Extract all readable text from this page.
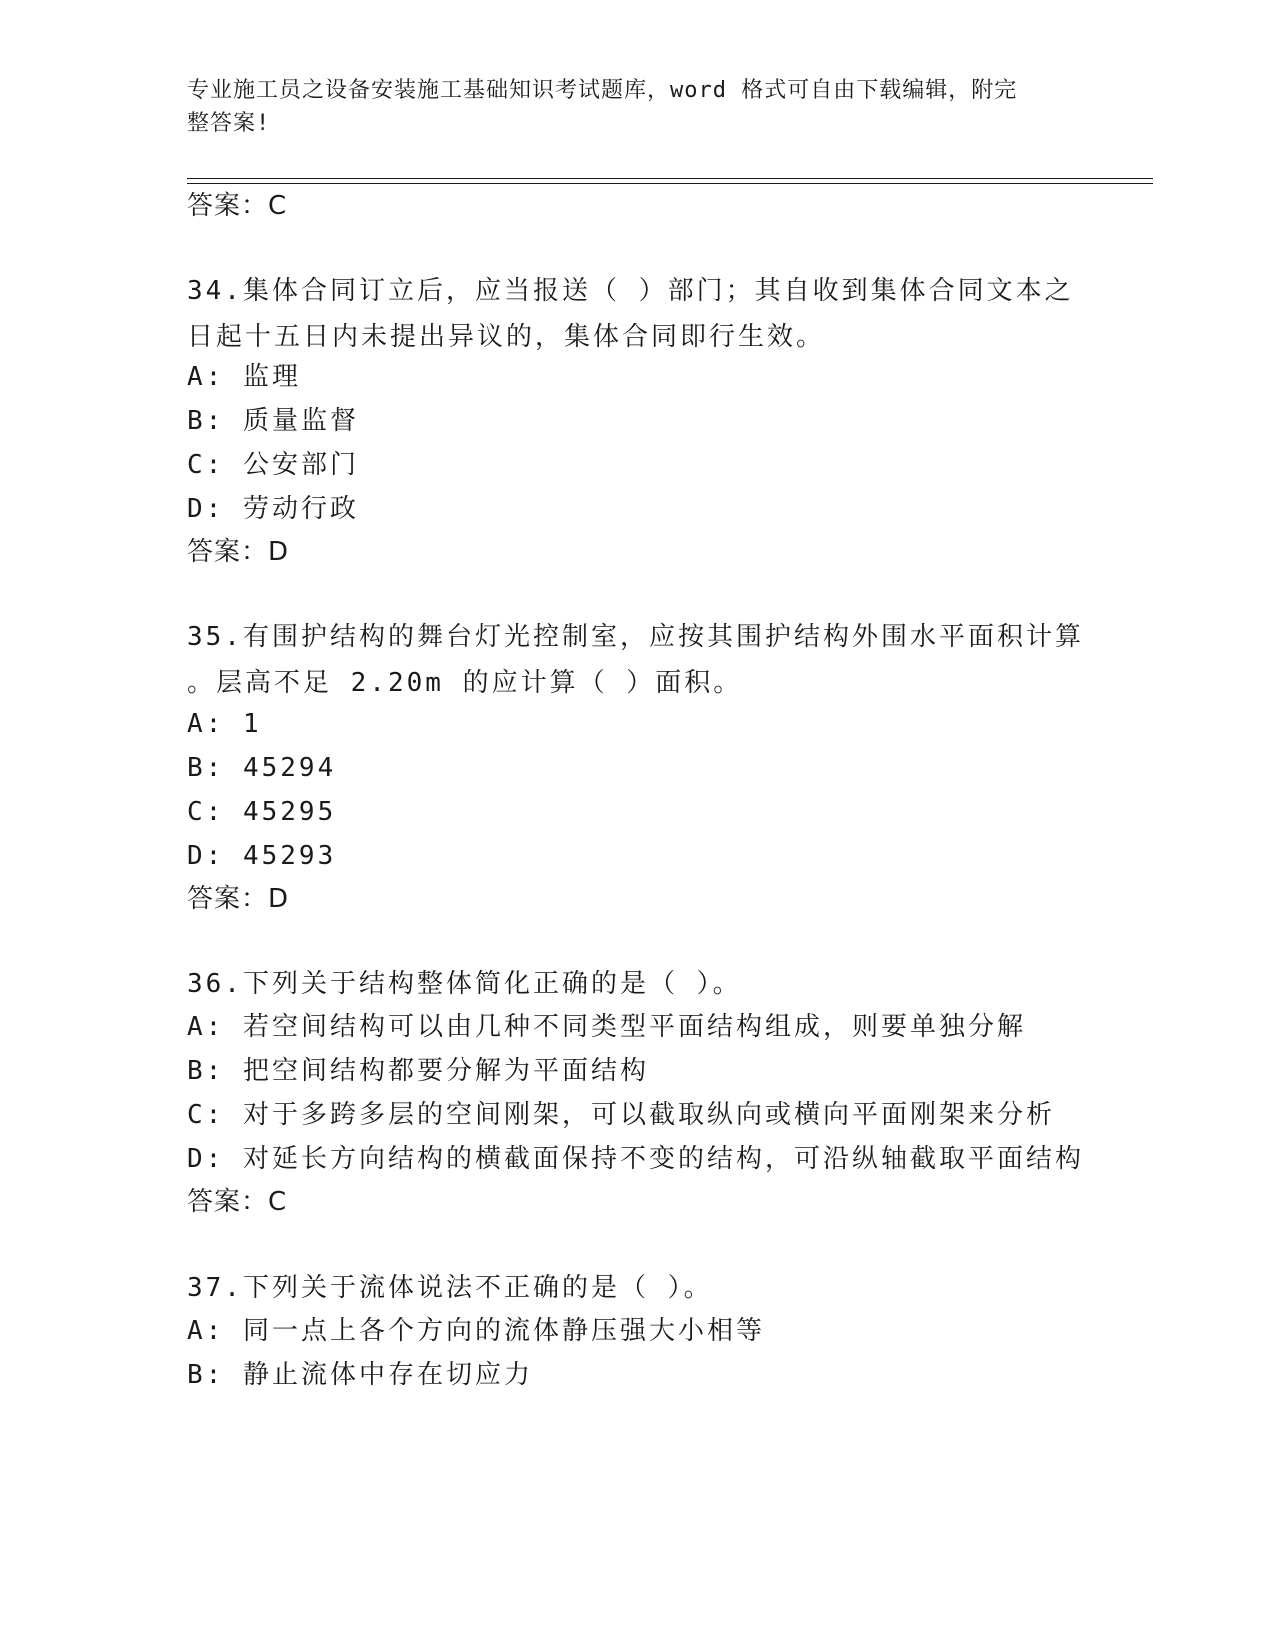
专业施工员之设备安装施工基础知识考试题库，word 格式可自由下载编辑，附完
整答案!
答案：C
34.集体合同订立后，应当报送（ ）部门；其自收到集体合同文本之
日起十五日内未提出异议的，集体合同即行生效。
A: 监理
B: 质量监督
C: 公安部门
D: 劳动行政
答案：D
35.有围护结构的舞台灯光控制室，应按其围护结构外围水平面积计算
。层高不足 2.20m 的应计算（ ）面积。
A: 1
B: 45294
C: 45295
D: 45293
答案：D
36.下列关于结构整体简化正确的是（ ）。
A: 若空间结构可以由几种不同类型平面结构组成，则要单独分解
B: 把空间结构都要分解为平面结构
C: 对于多跨多层的空间刚架，可以截取纵向或横向平面刚架来分析
D: 对延长方向结构的横截面保持不变的结构，可沿纵轴截取平面结构
答案：C
37.下列关于流体说法不正确的是（ ）。
A: 同一点上各个方向的流体静压强大小相等
B: 静止流体中存在切应力
